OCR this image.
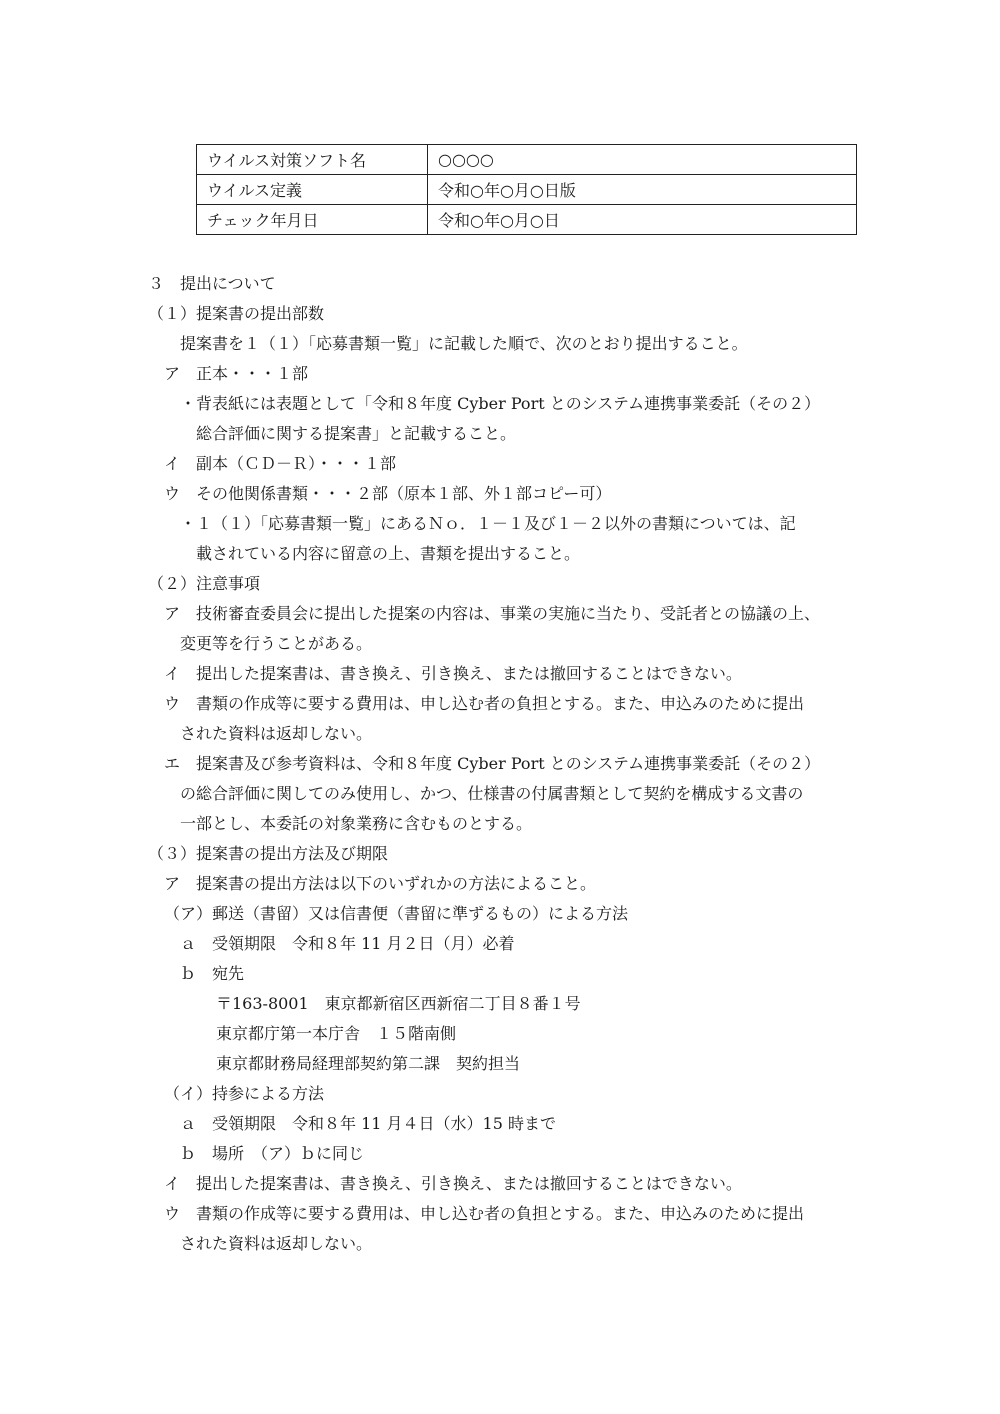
ウイルス対策ソフト名	○○○○
ウイルス定義	令和○年○月○日版
チェック年月日	令和○年○月○日
３　提出について
（１）提案書の提出部数
提案書を１（１）「応募書類一覧」に記載した順で、次のとおり提出すること。
ア　正本・・・１部
・背表紙には表題として「令和８年度 Cyber Port とのシステム連携事業委託（その２）
総合評価に関する提案書」と記載すること。
イ　副本（ＣＤ－Ｒ）・・・１部
ウ　その他関係書類・・・２部（原本１部、外１部コピー可）
・１（１）「応募書類一覧」にあるＮｏ．１－１及び１－２以外の書類については、記
載されている内容に留意の上、書類を提出すること。
（２）注意事項
ア　技術審査委員会に提出した提案の内容は、事業の実施に当たり、受託者との協議の上、
変更等を行うことがある。
イ　提出した提案書は、書き換え、引き換え、または撤回することはできない。
ウ　書類の作成等に要する費用は、申し込む者の負担とする。また、申込みのために提出
された資料は返却しない。
エ　提案書及び参考資料は、令和８年度 Cyber Port とのシステム連携事業委託（その２）
の総合評価に関してのみ使用し、かつ、仕様書の付属書類として契約を構成する文書の
一部とし、本委託の対象業務に含むものとする。
（３）提案書の提出方法及び期限
ア　提案書の提出方法は以下のいずれかの方法によること。
（ア）郵送（書留）又は信書便（書留に準ずるもの）による方法
ａ　受領期限　令和８年 11 月２日（月）必着
ｂ　宛先
〒163-8001　東京都新宿区西新宿二丁目８番１号
東京都庁第一本庁舎　１５階南側
東京都財務局経理部契約第二課　契約担当
（イ）持参による方法
ａ　受領期限　令和８年 11 月４日（水）15 時まで
ｂ　場所　（ア）ｂに同じ
イ　提出した提案書は、書き換え、引き換え、または撤回することはできない。
ウ　書類の作成等に要する費用は、申し込む者の負担とする。また、申込みのために提出
された資料は返却しない。
